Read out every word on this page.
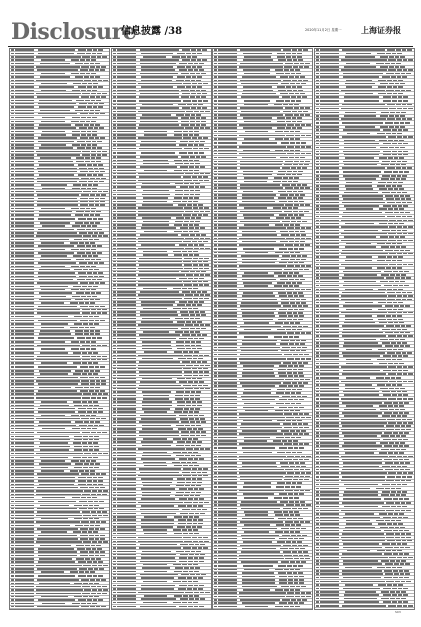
Disclosure
信息披露 /38	2020年11月2日 星期一 上海证券报
S03
